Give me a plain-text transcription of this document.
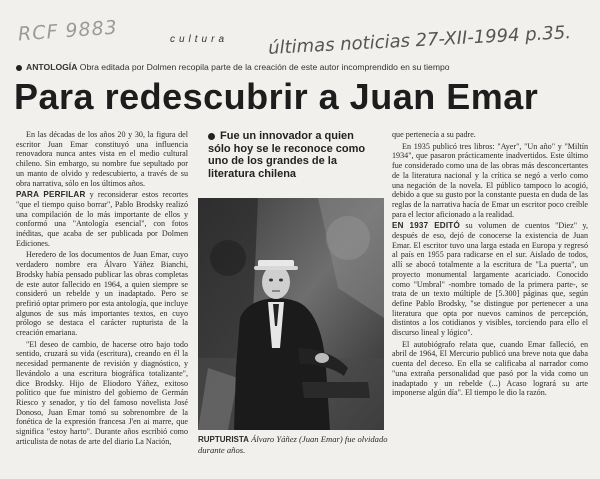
RCF 9883	últimas noticias 27-XII-1994 p.35.
cultura
ANTOLOGÍA Obra editada por Dolmen recopila parte de la creación de este autor incomprendido en su tiempo
Para redescubrir a Juan Emar

En las décadas de los años 20 y 30, la figura del escritor Juan Emar constituyó una influencia renovadora nunca antes vista en el medio cultural chileno. Sin embargo, su nombre fue sepultado por un manto de olvido y redescubierto, a través de su obra narrativa, sólo en los últimos años.

PARA PERFILAR y reconsiderar estos recortes "que el tiempo quiso borrar", Pablo Brodsky realizó una compilación de lo más importante de ellos y conformó una "Antología esencial", con fotos inéditas, que acaba de ser publicada por Dolmen Ediciones.

Heredero de los documentos de Juan Emar, cuyo verdadero nombre era Álvaro Yáñez Bianchi, Brodsky había pensado publicar las obras completas de este autor fallecido en 1964, a quien siempre se consideró un rebelde y un inadaptado. Pero se prefirió optar primero por esta antología, que incluye algunos de sus más importantes textos, en cuyo prólogo se destaca el carácter rupturista de la creación emariana.

"El deseo de cambio, de hacerse otro bajo todo sentido, cruzará su vida (escritura), creando en él la necesidad permanente de revisión y diagnóstico, y llevándolo a una escritura biográfica totalizante", dice Brodsky. Hijo de Eliodoro Yáñez, exitoso político que fue ministro del gobierno de Germán Riesco y senador, y tío del famoso novelista José Donoso, Juan Emar tomó su sobrenombre de la fonética de la expresión francesa J'en ai marre, que significa "estoy harto". Durante años escribió como articulista de notas de arte del diario La Nación,

Fue un innovador a quien sólo hoy se le reconoce como uno de los grandes de la literatura chilena

que pertenecía a su padre.

En 1935 publicó tres libros: "Ayer", "Un año" y "Miltín 1934", que pasaron prácticamente inadvertidos. Este último fue considerado como una de las obras más desconcertantes de la literatura nacional y la crítica se negó a verlo como una negación de la novela. El público tampoco lo acogió, debido a que su gusto por la constante puesta en duda de las reglas de la narrativa hacía de Emar un escritor poco creíble para el lector aficionado a la realidad.

EN 1937 EDITÓ su volumen de cuentos "Diez" y, después de eso, dejó de conocerse la existencia de Juan Emar. El escritor tuvo una larga estada en Europa y regresó al país en 1955 para radicarse en el sur. Aislado de todos, allí se abocó totalmente a la escritura de "La puerta", un proyecto monumental largamente acariciado. Conocido como "Umbral" -nombre tomado de la primera parte-, se trata de un texto múltiple de [5.300] páginas que, según define Pablo Brodsky, "se distingue por pertenecer a una literatura que opta por nuevos caminos de percepción, distintos a los cotidianos y visibles, torciendo para ello el discurso lineal y lógico".

El autobiógrafo relata que, cuando Emar falleció, en abril de 1964, El Mercurio publicó una breve nota que daba cuenta del deceso. En ella se calificaba al narrador como "una extraña personalidad que pasó por la vida como un inadaptado y un rebelde (...) Acaso logrará su arte imponerse algún día". El tiempo le dio la razón.

RUPTURISTA Álvaro Yáñez (Juan Emar) fue olvidado durante años.
